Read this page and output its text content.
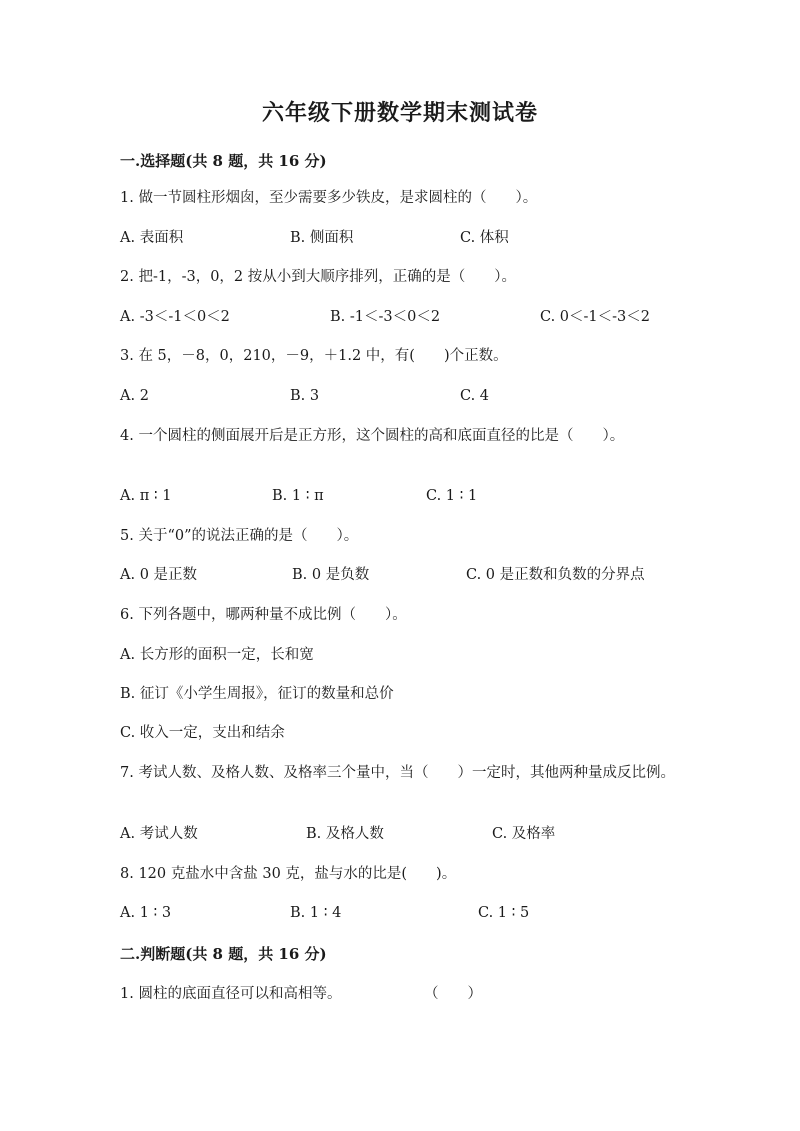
六年级下册数学期末测试卷
一.选择题(共 8 题，共 16 分)
1. 做一节圆柱形烟囱，至少需要多少铁皮，是求圆柱的（　　）。
A. 表面积	B. 侧面积	C. 体积
2. 把-1，-3，0，2 按从小到大顺序排列，正确的是（　　）。
A. -3＜-1＜0＜2	B. -1＜-3＜0＜2	C. 0＜-1＜-3＜2
3. 在 5，－8，0，210，－9，＋1.2 中，有(　　)个正数。
A. 2	B. 3	C. 4
4. 一个圆柱的侧面展开后是正方形，这个圆柱的高和底面直径的比是（　　）。
A. π ∶ 1	B. 1 ∶ π	C. 1 ∶ 1
5. 关于“0”的说法正确的是（　　）。
A. 0 是正数	B. 0 是负数	C. 0 是正数和负数的分界点
6. 下列各题中，哪两种量不成比例（　　）。
A. 长方形的面积一定，长和宽
B. 征订《小学生周报》，征订的数量和总价
C. 收入一定，支出和结余
7. 考试人数、及格人数、及格率三个量中，当（　　）一定时，其他两种量成反比例。
A. 考试人数	B. 及格人数	C. 及格率
8. 120 克盐水中含盐 30 克，盐与水的比是(　　)。
A. 1 ∶ 3	B. 1 ∶ 4	C. 1 ∶ 5
二.判断题(共 8 题，共 16 分)
1. 圆柱的底面直径可以和高相等。	（　　）
